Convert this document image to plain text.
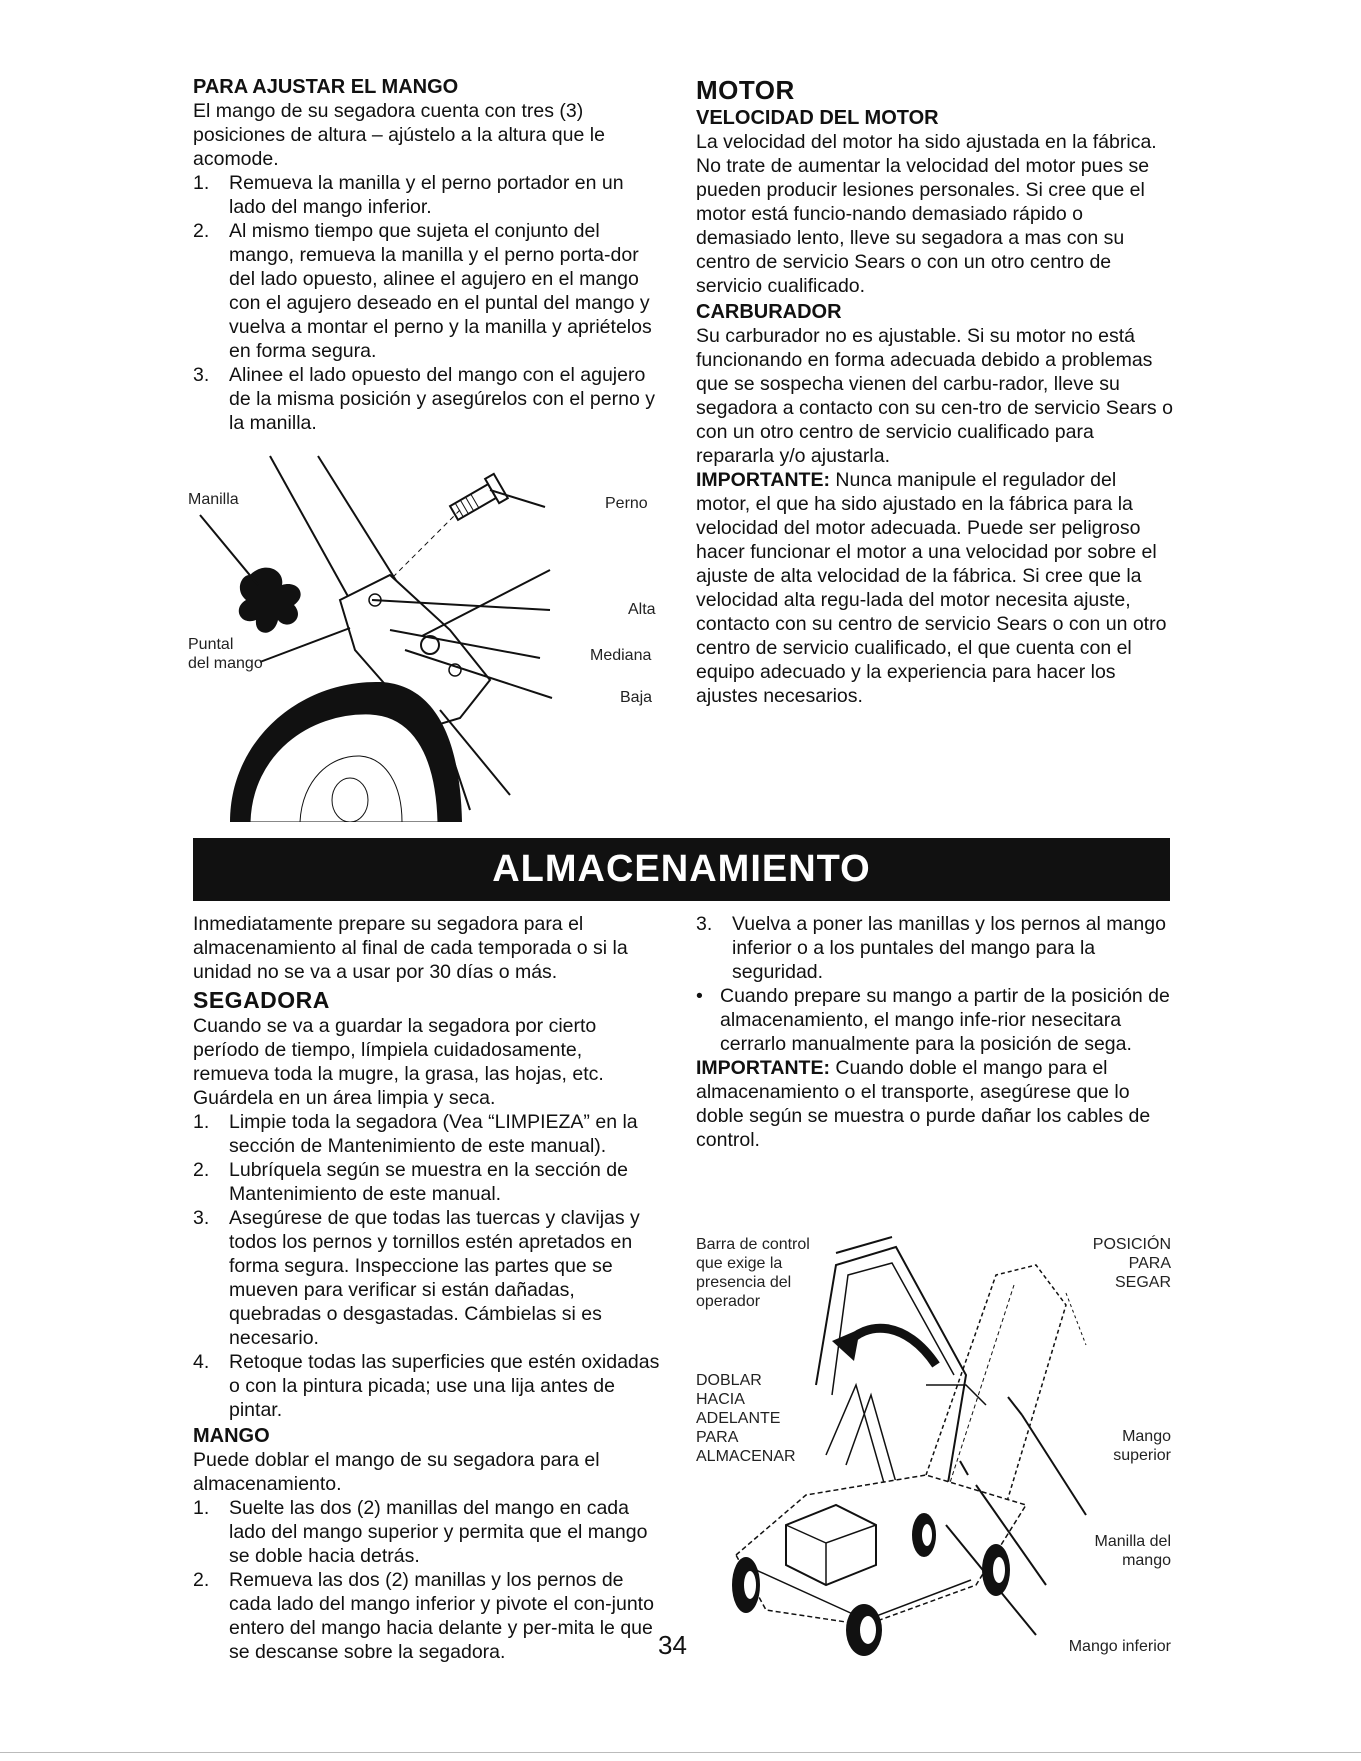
PARA AJUSTAR EL MANGO

El mango de su segadora cuenta con tres (3) posiciones de altura – ajústelo a la altura que le acomode.

1. Remueva la manilla y el perno portador en un lado del mango inferior.
2. Al mismo tiempo que sujeta el conjunto del mango, remueva la manilla y el perno porta-dor del lado opuesto, alinee el agujero en el mango con el agujero deseado en el puntal del mango y vuelva a montar el perno y la manilla y apriételos en forma segura.
3. Alinee el lado opuesto del mango con el agujero de la misma posición y asegúrelos con el perno y la manilla.
Manilla	Perno
Alta
Puntal
del mango	Mediana
Baja

MOTOR

VELOCIDAD DEL MOTOR

La velocidad del motor ha sido ajustada en la fábrica. No trate de aumentar la velocidad del motor pues se pueden producir lesiones personales. Si cree que el motor está funcio-nando demasiado rápido o demasiado lento, lleve su segadora a mas con su centro de servicio Sears o con un otro centro de servicio cualificado.

CARBURADOR

Su carburador no es ajustable. Si su motor no está funcionando en forma adecuada debido a problemas que se sospecha vienen del carbu-rador, lleve su segadora a contacto con su cen-tro de servicio Sears o con un otro centro de servicio cualificado para repararla y/o ajustarla.

IMPORTANTE: Nunca manipule el regulador del motor, el que ha sido ajustado en la fábrica para la velocidad del motor adecuada. Puede ser peligroso hacer funcionar el motor a una velocidad por sobre el ajuste de alta velocidad de la fábrica. Si cree que la velocidad alta regu-lada del motor necesita ajuste, contacto con su centro de servicio Sears o con un otro centro de servicio cualificado, el que cuenta con el equipo adecuado y la experiencia para hacer los ajustes necesarios.

ALMACENAMIENTO

Inmediatamente prepare su segadora para el almacenamiento al final de cada temporada o si la unidad no se va a usar por 30 días o más.

SEGADORA

Cuando se va a guardar la segadora por cierto período de tiempo, límpiela cuidadosamente, remueva toda la mugre, la grasa, las hojas, etc. Guárdela en un área limpia y seca.

1. Limpie toda la segadora (Vea “LIMPIEZA” en la sección de Mantenimiento de este manual).
2. Lubríquela según se muestra en la sección de Mantenimiento de este manual.
3. Asegúrese de que todas las tuercas y clavijas y todos los pernos y tornillos estén apretados en forma segura. Inspeccione las partes que se mueven para verificar si están dañadas, quebradas o desgastadas. Cámbielas si es necesario.
4. Retoque todas las superficies que estén oxidadas o con la pintura picada; use una lija antes de pintar.

MANGO

Puede doblar el mango de su segadora para el almacenamiento.

1. Suelte las dos (2) manillas del mango en cada lado del mango superior y permita que el mango se doble hacia detrás.
2. Remueva las dos (2) manillas y los pernos de cada lado del mango inferior y pivote el con-junto entero del mango hacia delante y per-mita le que se descanse sobre la segadora.
3. Vuelva a poner las manillas y los pernos al mango inferior o a los puntales del mango para la seguridad.
• Cuando prepare su mango a partir de la posición de almacenamiento, el mango infe-rior nesecitara cerrarlo manualmente para la posición de sega.

IMPORTANTE: Cuando doble el mango para el almacenamiento o el transporte, asegúrese que lo doble según se muestra o purde dañar los cables de control.

Barra de control
que exige la
presencia del
operador
POSICIÓN
PARA
SEGAR
DOBLAR
HACIA
ADELANTE
PARA
ALMACENAR
Mango
superior
Manilla del
mango
Mango inferior
34
